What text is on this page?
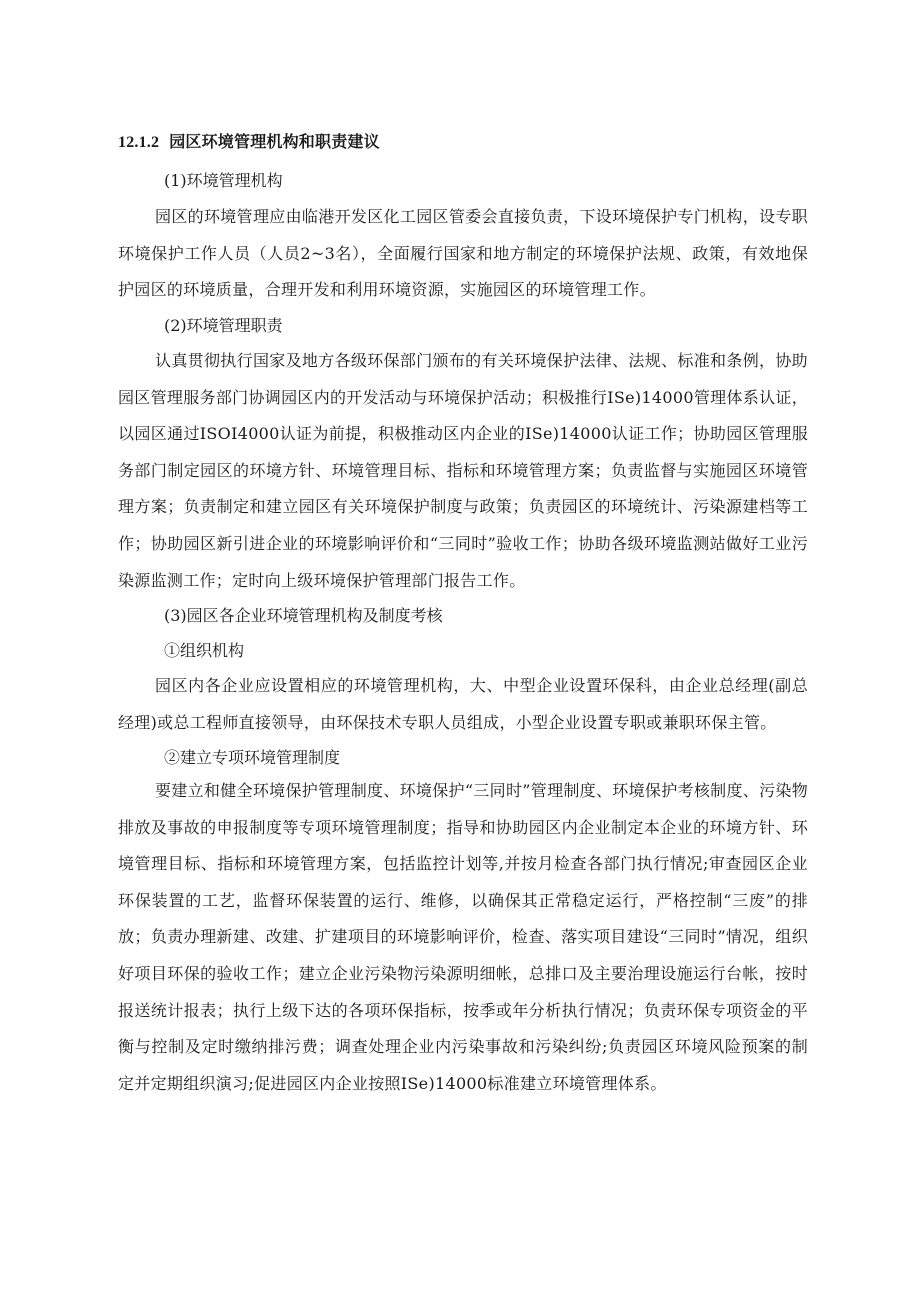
12.1.2 园区环境管理机构和职责建议
(1)环境管理机构
园区的环境管理应由临港开发区化工园区管委会直接负责，下设环境保护专门机构，设专职环境保护工作人员（人员2~3名），全面履行国家和地方制定的环境保护法规、政策，有效地保护园区的环境质量，合理开发和利用环境资源，实施园区的环境管理工作。
(2)环境管理职责
认真贯彻执行国家及地方各级环保部门颁布的有关环境保护法律、法规、标准和条例，协助园区管理服务部门协调园区内的开发活动与环境保护活动；积极推行ISe)14000管理体系认证，以园区通过ISOI4000认证为前提，积极推动区内企业的ISe)14000认证工作；协助园区管理服务部门制定园区的环境方针、环境管理目标、指标和环境管理方案；负责监督与实施园区环境管理方案；负责制定和建立园区有关环境保护制度与政策；负责园区的环境统计、污染源建档等工作；协助园区新引进企业的环境影响评价和“三同时”验收工作；协助各级环境监测站做好工业污染源监测工作；定时向上级环境保护管理部门报告工作。
(3)园区各企业环境管理机构及制度考核
①组织机构
园区内各企业应设置相应的环境管理机构，大、中型企业设置环保科，由企业总经理(副总经理)或总工程师直接领导，由环保技术专职人员组成，小型企业设置专职或兼职环保主管。
②建立专项环境管理制度
要建立和健全环境保护管理制度、环境保护“三同时”管理制度、环境保护考核制度、污染物排放及事故的申报制度等专项环境管理制度；指导和协助园区内企业制定本企业的环境方针、环境管理目标、指标和环境管理方案，包括监控计划等,并按月检查各部门执行情况;审查园区企业环保装置的工艺，监督环保装置的运行、维修，以确保其正常稳定运行，严格控制“三废”的排放；负责办理新建、改建、扩建项目的环境影响评价，检查、落实项目建设“三同时”情况，组织好项目环保的验收工作；建立企业污染物污染源明细帐，总排口及主要治理设施运行台帐，按时报送统计报表；执行上级下达的各项环保指标，按季或年分析执行情况；负责环保专项资金的平衡与控制及定时缴纳排污费；调查处理企业内污染事故和污染纠纷;负责园区环境风险预案的制定并定期组织演习;促进园区内企业按照ISe)14000标准建立环境管理体系。
